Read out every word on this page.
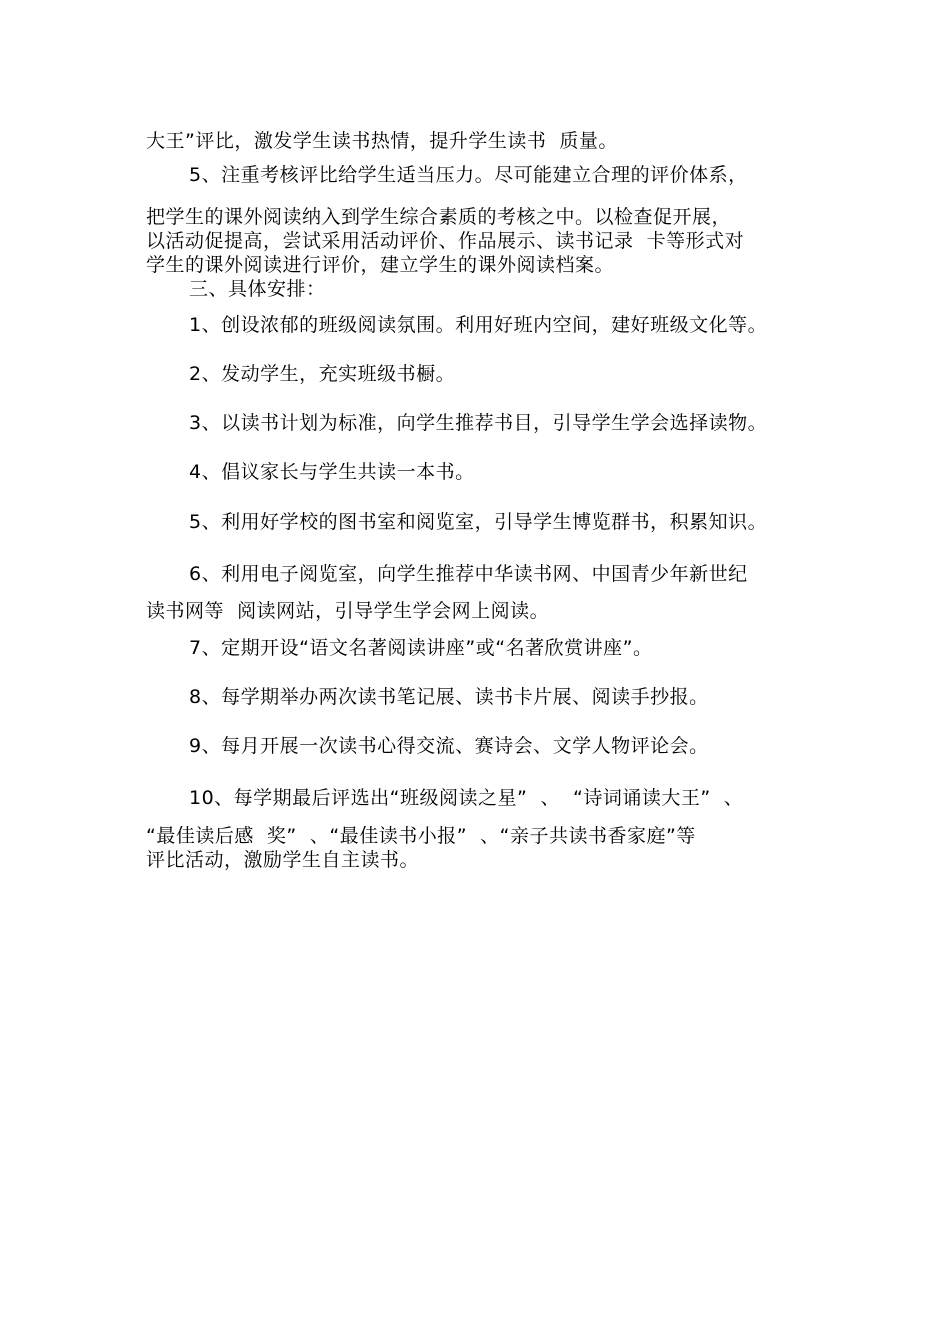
大王”评比，激发学生读书热情，提升学生读书  质量。
5、注重考核评比给学生适当压力。尽可能建立合理的评价体系，
把学生的课外阅读纳入到学生综合素质的考核之中。以检查促开展，
以活动促提高，尝试采用活动评价、作品展示、读书记录  卡等形式对
学生的课外阅读进行评价，建立学生的课外阅读档案。
三、具体安排：
1、创设浓郁的班级阅读氛围。利用好班内空间，建好班级文化等。
2、发动学生，充实班级书橱。
3、以读书计划为标准，向学生推荐书目，引导学生学会选择读物。
4、倡议家长与学生共读一本书。
5、利用好学校的图书室和阅览室，引导学生博览群书，积累知识。
6、利用电子阅览室，向学生推荐中华读书网、中国青少年新世纪
读书网等  阅读网站，引导学生学会网上阅读。
7、定期开设“语文名著阅读讲座”或“名著欣赏讲座”。
8、每学期举办两次读书笔记展、读书卡片展、阅读手抄报。
9、每月开展一次读书心得交流、赛诗会、文学人物评论会。
10、每学期最后评选出“班级阅读之星”  、  “诗词诵读大王”  、
“最佳读后感  奖”  、“最佳读书小报”  、“亲子共读书香家庭”等
评比活动，激励学生自主读书。
